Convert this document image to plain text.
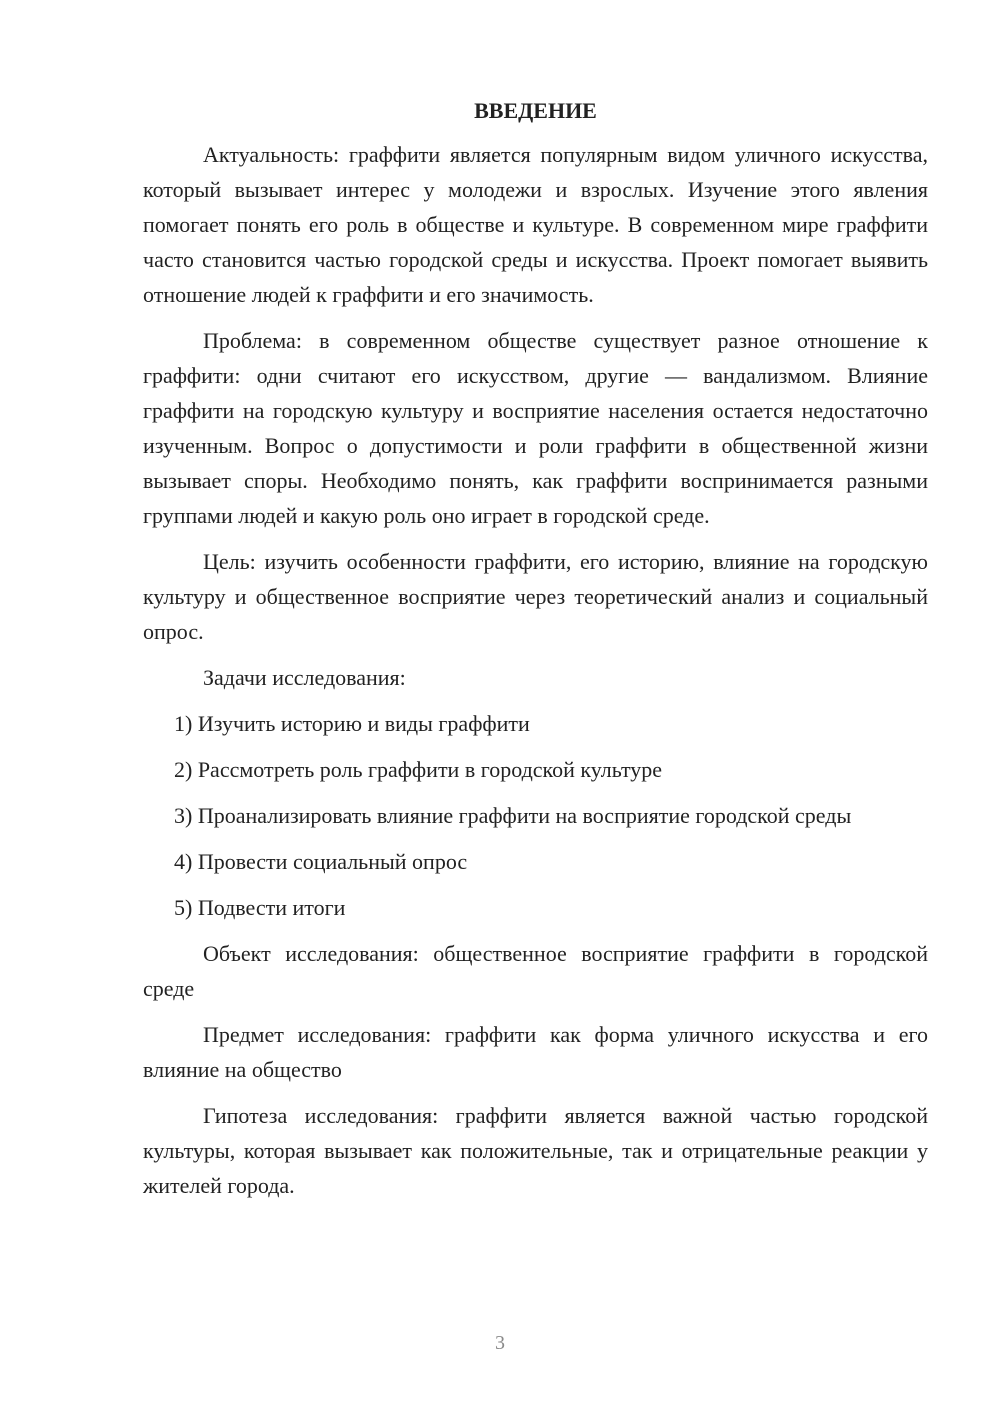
ВВЕДЕНИЕ

Актуальность: граффити является популярным видом уличного искусства, который вызывает интерес у молодежи и взрослых. Изучение этого явления помогает понять его роль в обществе и культуре. В современном мире граффити часто становится частью городской среды и искусства. Проект помогает выявить отношение людей к граффити и его значимость.

Проблема: в современном обществе существует разное отношение к граффити: одни считают его искусством, другие — вандализмом. Влияние граффити на городскую культуру и восприятие населения остается недостаточно изученным. Вопрос о допустимости и роли граффити в общественной жизни вызывает споры. Необходимо понять, как граффити воспринимается разными группами людей и какую роль оно играет в городской среде.

Цель: изучить особенности граффити, его историю, влияние на городскую культуру и общественное восприятие через теоретический анализ и социальный опрос.

Задачи исследования:

1) Изучить историю и виды граффити

2) Рассмотреть роль граффити в городской культуре

3) Проанализировать влияние граффити на восприятие городской среды

4) Провести социальный опрос

5) Подвести итоги

Объект исследования: общественное восприятие граффити в городской среде

Предмет исследования: граффити как форма уличного искусства и его влияние на общество

Гипотеза исследования: граффити является важной частью городской культуры, которая вызывает как положительные, так и отрицательные реакции у жителей города.

3
